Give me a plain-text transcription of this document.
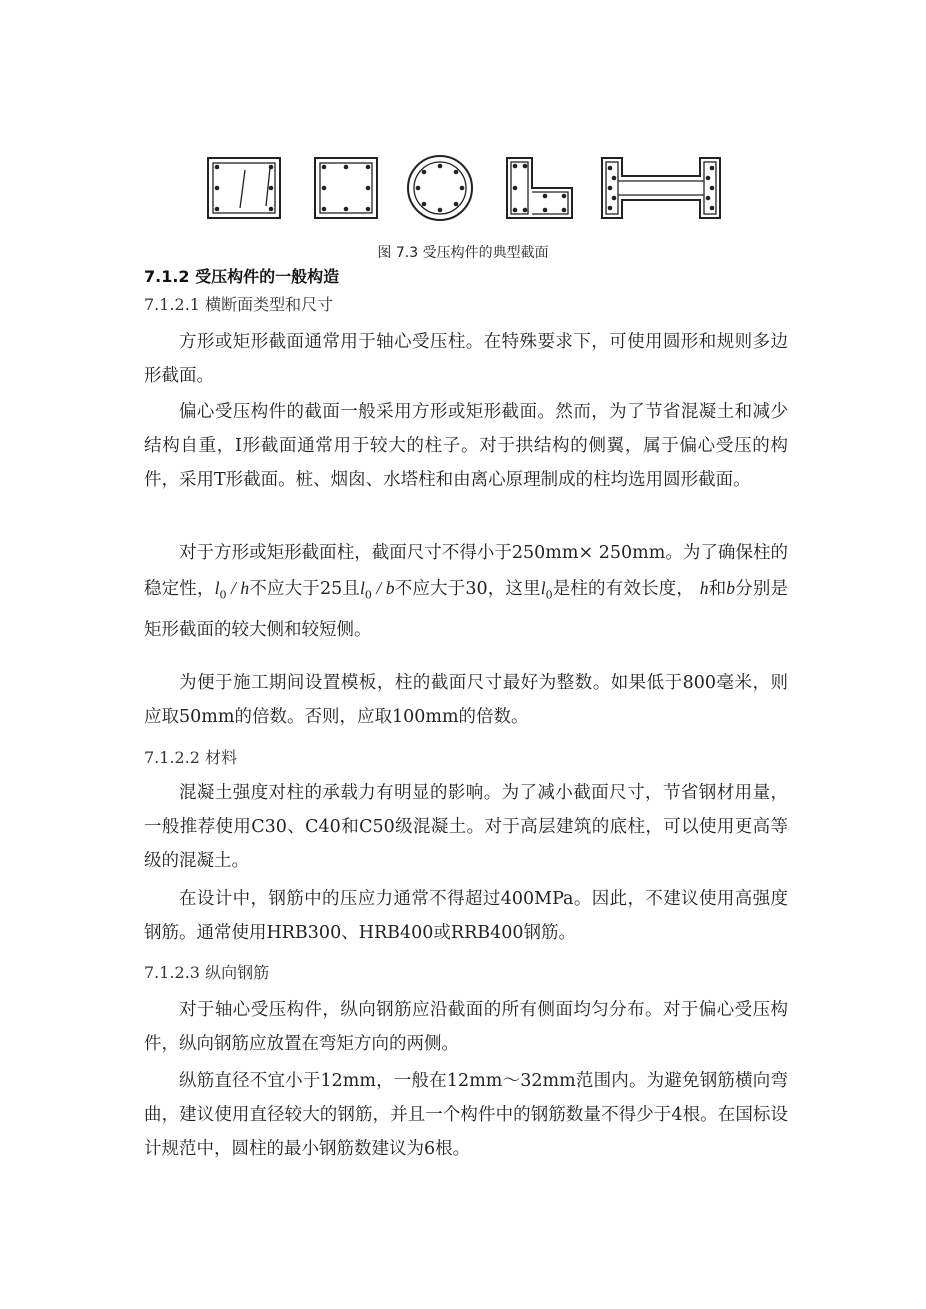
图 7.3 受压构件的典型截面
7.1.2 受压构件的一般构造
7.1.2.1 横断面类型和尺寸
方形或矩形截面通常用于轴心受压柱。在特殊要求下，可使用圆形和规则多边形截面。
偏心受压构件的截面一般采用方形或矩形截面。然而，为了节省混凝土和减少结构自重，I形截面通常用于较大的柱子。对于拱结构的侧翼，属于偏心受压的构件，采用T形截面。桩、烟囱、水塔柱和由离心原理制成的柱均选用圆形截面。
对于方形或矩形截面柱，截面尺寸不得小于250mm× 250mm。为了确保柱的稳定性，$l_0$ / h不应大于25且$l_0$ / b不应大于30，这里$l_0$是柱的有效长度， h和b分别是矩形截面的较大侧和较短侧。
为便于施工期间设置模板，柱的截面尺寸最好为整数。如果低于800毫米，则应取50mm的倍数。否则，应取100mm的倍数。
7.1.2.2 材料
混凝土强度对柱的承载力有明显的影响。为了减小截面尺寸，节省钢材用量，一般推荐使用C30、C40和C50级混凝土。对于高层建筑的底柱，可以使用更高等级的混凝土。
在设计中，钢筋中的压应力通常不得超过400MPa。因此，不建议使用高强度钢筋。通常使用HRB300、HRB400或RRB400钢筋。
7.1.2.3 纵向钢筋
对于轴心受压构件，纵向钢筋应沿截面的所有侧面均匀分布。对于偏心受压构件，纵向钢筋应放置在弯矩方向的两侧。
纵筋直径不宜小于12mm，一般在12mm～32mm范围内。为避免钢筋横向弯曲，建议使用直径较大的钢筋，并且一个构件中的钢筋数量不得少于4根。在国标设计规范中，圆柱的最小钢筋数建议为6根。
